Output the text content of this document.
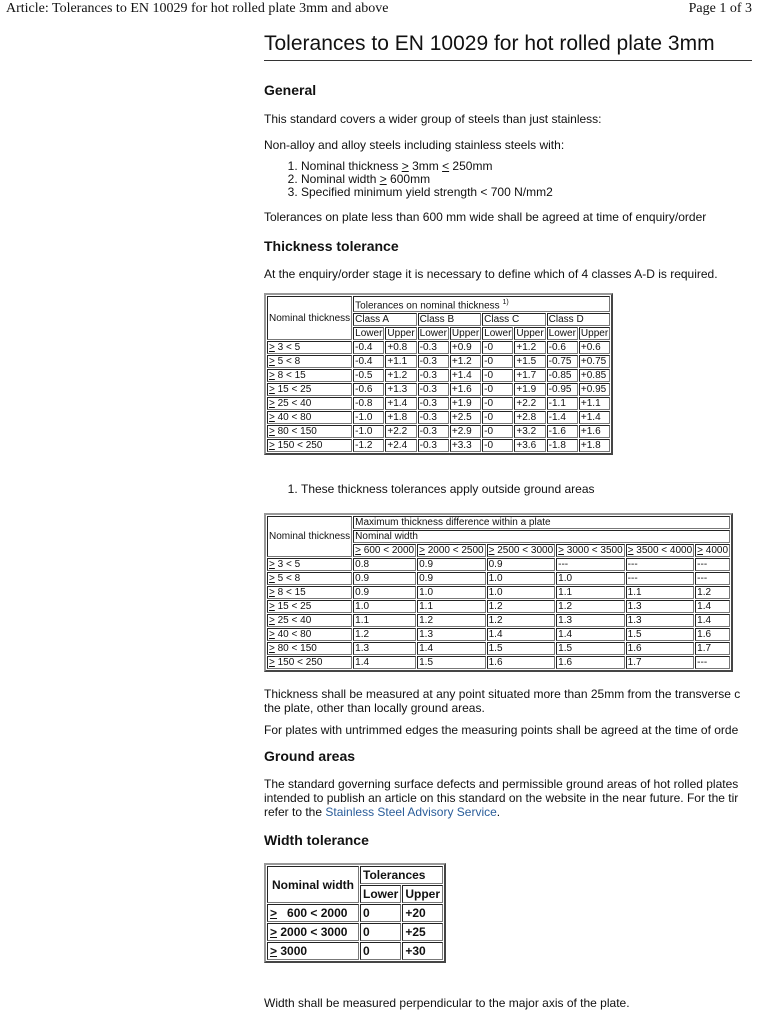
Article: Tolerances to EN 10029 for hot rolled plate 3mm and above	Page 1 of 3
Tolerances to EN 10029 for hot rolled plate 3mm
General

This standard covers a wider group of steels than just stainless:

Non-alloy and alloy steels including stainless steels with:

1. Nominal thickness > 3mm < 250mm
2. Nominal width > 600mm
3. Specified minimum yield strength < 700 N/mm2

Tolerances on plate less than 600 mm wide shall be agreed at time of enquiry/order

Thickness tolerance

At the enquiry/order stage it is necessary to define which of 4 classes A-D is required.

Nominal thickness	Tolerances on nominal thickness $^{1)}$
	Class A		Class B		Class C		Class D	
	Lower	Upper	Lower	Upper	Lower	Upper	Lower	Upper
> 3 < 5	-0.4	+0.8	-0.3	+0.9	-0	+1.2	-0.6	+0.6
> 5 < 8	-0.4	+1.1	-0.3	+1.2	-0	+1.5	-0.75	+0.75
> 8 < 15	-0.5	+1.2	-0.3	+1.4	-0	+1.7	-0.85	+0.85
> 15 < 25	-0.6	+1.3	-0.3	+1.6	-0	+1.9	-0.95	+0.95
> 25 < 40	-0.8	+1.4	-0.3	+1.9	-0	+2.2	-1.1	+1.1
> 40 < 80	-1.0	+1.8	-0.3	+2.5	-0	+2.8	-1.4	+1.4
> 80 < 150	-1.0	+2.2	-0.3	+2.9	-0	+3.2	-1.6	+1.6
> 150 < 250	-1.2	+2.4	-0.3	+3.3	-0	+3.6	-1.8	+1.8
1. These thickness tolerances apply outside ground areas
Nominal thickness	Maximum thickness difference within a plate					
	Nominal width					
	> 600 < 2000	> 2000 < 2500	> 2500 < 3000	> 3000 < 3500	> 3500 < 4000	> 4000
> 3 < 5	0.8	0.9	0.9	---	---	---
> 5 < 8	0.9	0.9	1.0	1.0	---	---
> 8 < 15	0.9	1.0	1.0	1.1	1.1	1.2
> 15 < 25	1.0	1.1	1.2	1.2	1.3	1.4
> 25 < 40	1.1	1.2	1.2	1.3	1.3	1.4
> 40 < 80	1.2	1.3	1.4	1.4	1.5	1.6
> 80 < 150	1.3	1.4	1.5	1.5	1.6	1.7
> 150 < 250	1.4	1.5	1.6	1.6	1.7	---

Thickness shall be measured at any point situated more than 25mm from the transverse c
the plate, other than locally ground areas.

For plates with untrimmed edges the measuring points shall be agreed at the time of orde

Ground areas

The standard governing surface defects and permissible ground areas of hot rolled plates
intended to publish an article on this standard on the website in the near future. For the tir
refer to the Stainless Steel Advisory Service.

Width tolerance
Nominal width	Tolerances	
	Lower	Upper
>   600 < 2000	0	+20
> 2000 < 3000	0	+25
> 3000	0	+30

Width shall be measured perpendicular to the major axis of the plate.
